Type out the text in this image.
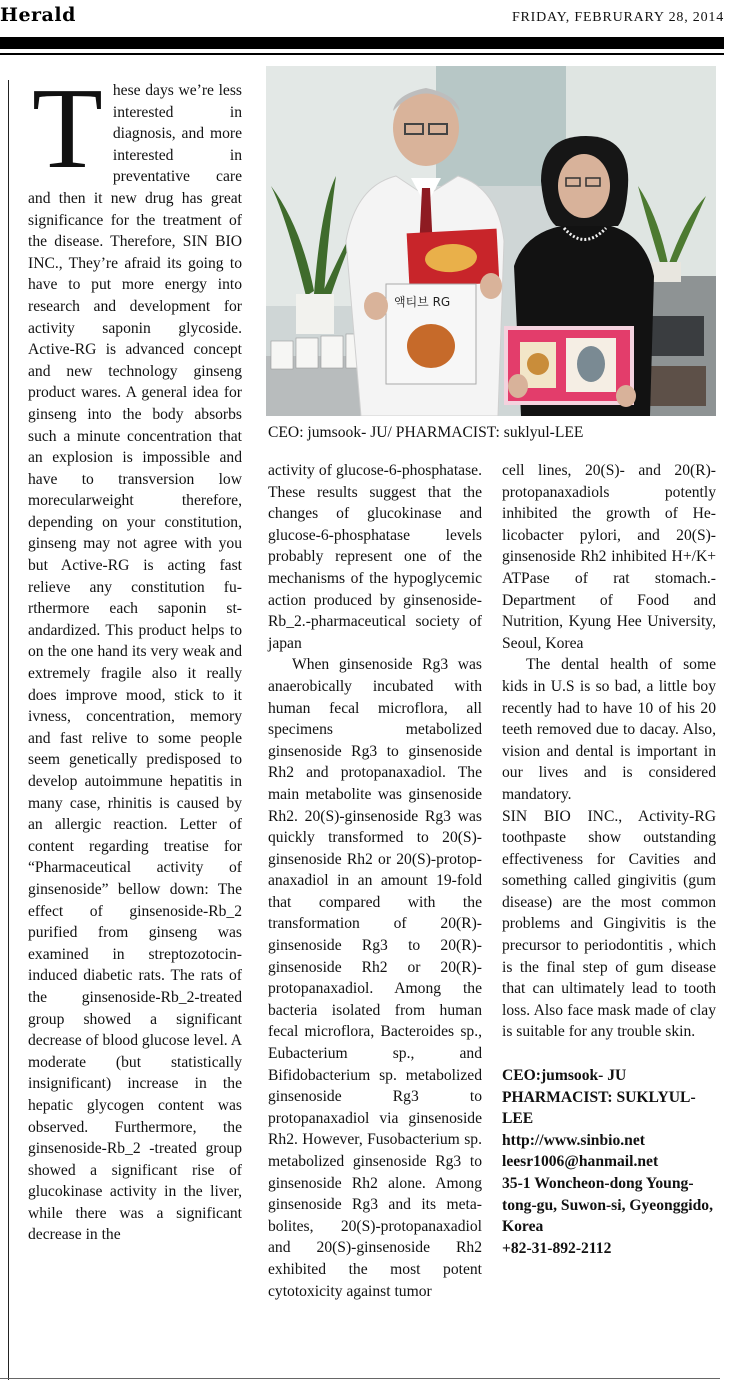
Herald	FRIDAY, FEBRURARY 28, 2014
액티브 RG
CEO: jumsook- JU/ PHARMACIST: suklyul-LEE
T hese days we’re less interested in diagnosis, and more interested in preventative care and then it new drug has great significance for the treatment of the disease. Therefore, SIN BIO INC., They’re afraid its going to have to put more energy into research and development for activity saponin glycoside. Active-RG is advanced concept and new technology ginseng product wares. A general idea for ginseng into the body absorbs such a minute concentration that an explosion is impossible and have to transversion low morecularweight therefore, depending on your constitution, ginseng may not agree with you but Active-RG is acting fast relieve any constitution furthermore each saponin standardized. This product helps to on the one hand its very weak and extremely fragile also it really does improve mood, stick to it ivness, concentration, memory and fast relive to some people seem genetically predisposed to develop autoimmune hepatitis in many case, rhinitis is caused by an allergic reaction. Letter of content regarding treatise for “Pharmaceutical activity of ginsenoside” bellow down: The effect of ginsenoside-Rb_2 purified from ginseng was examined in streptozotocininduced diabetic rats. The rats of the ginsenoside-Rb_2-treated group showed a significant decrease of blood glucose level. A moderate (but statistically insignificant) increase in the hepatic glycogen content was observed. Furthermore, the ginsenoside-Rb_2 -treated group showed a significant rise of glucokinase activity in the liver, while there was a significant decrease in the

activity of glucose-6-phosphatase. These results suggest that the changes of glucokinase and glucose-6-phosphatase levels probably represent one of the mechanisms of the hypoglycemic action produced by ginsenoside-Rb_2.-pharmaceutical society of japan

When ginsenoside Rg3 was anaerobically incubated with human fecal microflora, all specimens metabolized ginsenoside Rg3 to ginsenoside Rh2 and protopanaxadiol. The main metabolite was ginsenoside Rh2. 20(S)-ginsenoside Rg3 was quickly transformed to 20(S)-ginsenoside Rh2 or 20(S)-protopanaxadiol in an amount 19-fold that compared with the transformation of 20(R)-ginsenoside Rg3 to 20(R)-ginsenoside Rh2 or 20(R)-protopanaxadiol. Among the bacteria isolated from human fecal microflora, Bacteroides sp., Eubacterium sp., and Bifidobacterium sp. metabolized ginsenoside Rg3 to protopanaxadiol via ginsenoside Rh2. However, Fusobacterium sp. metabolized ginsenoside Rg3 to ginsenoside Rh2 alone. Among ginsenoside Rg3 and its metabolites, 20(S)-protopanaxadiol and 20(S)-ginsenoside Rh2 exhibited the most potent cytotoxicity against tumor

cell lines, 20(S)- and 20(R)-protopanaxadiols potently inhibited the growth of Helicobacter pylori, and 20(S)-ginsenoside Rh2 inhibited H+/K+ ATPase of rat stomach.- Department of Food and Nutrition, Kyung Hee University, Seoul, Korea

The dental health of some kids in U.S is so bad, a little boy recently had to have 10 of his 20 teeth removed due to dacay. Also, vision and dental is important in our lives and is considered mandatory.

SIN BIO INC., Activity-RG toothpaste show outstanding effectiveness for Cavities and something called gingivitis (gum disease) are the most common problems and Gingivitis is the precursor to periodontitis , which is the final step of gum disease that can ultimately lead to tooth loss. Also face mask made of clay is suitable for any trouble skin.

CEO:jumsook- JU
PHARMACIST: SUKLYUL-LEE
http://www.sinbio.net
leesr1006@hanmail.net
35-1 Woncheon-dong Youngtong-gu, Suwon-si, Gyeonggido, Korea
+82-31-892-2112
